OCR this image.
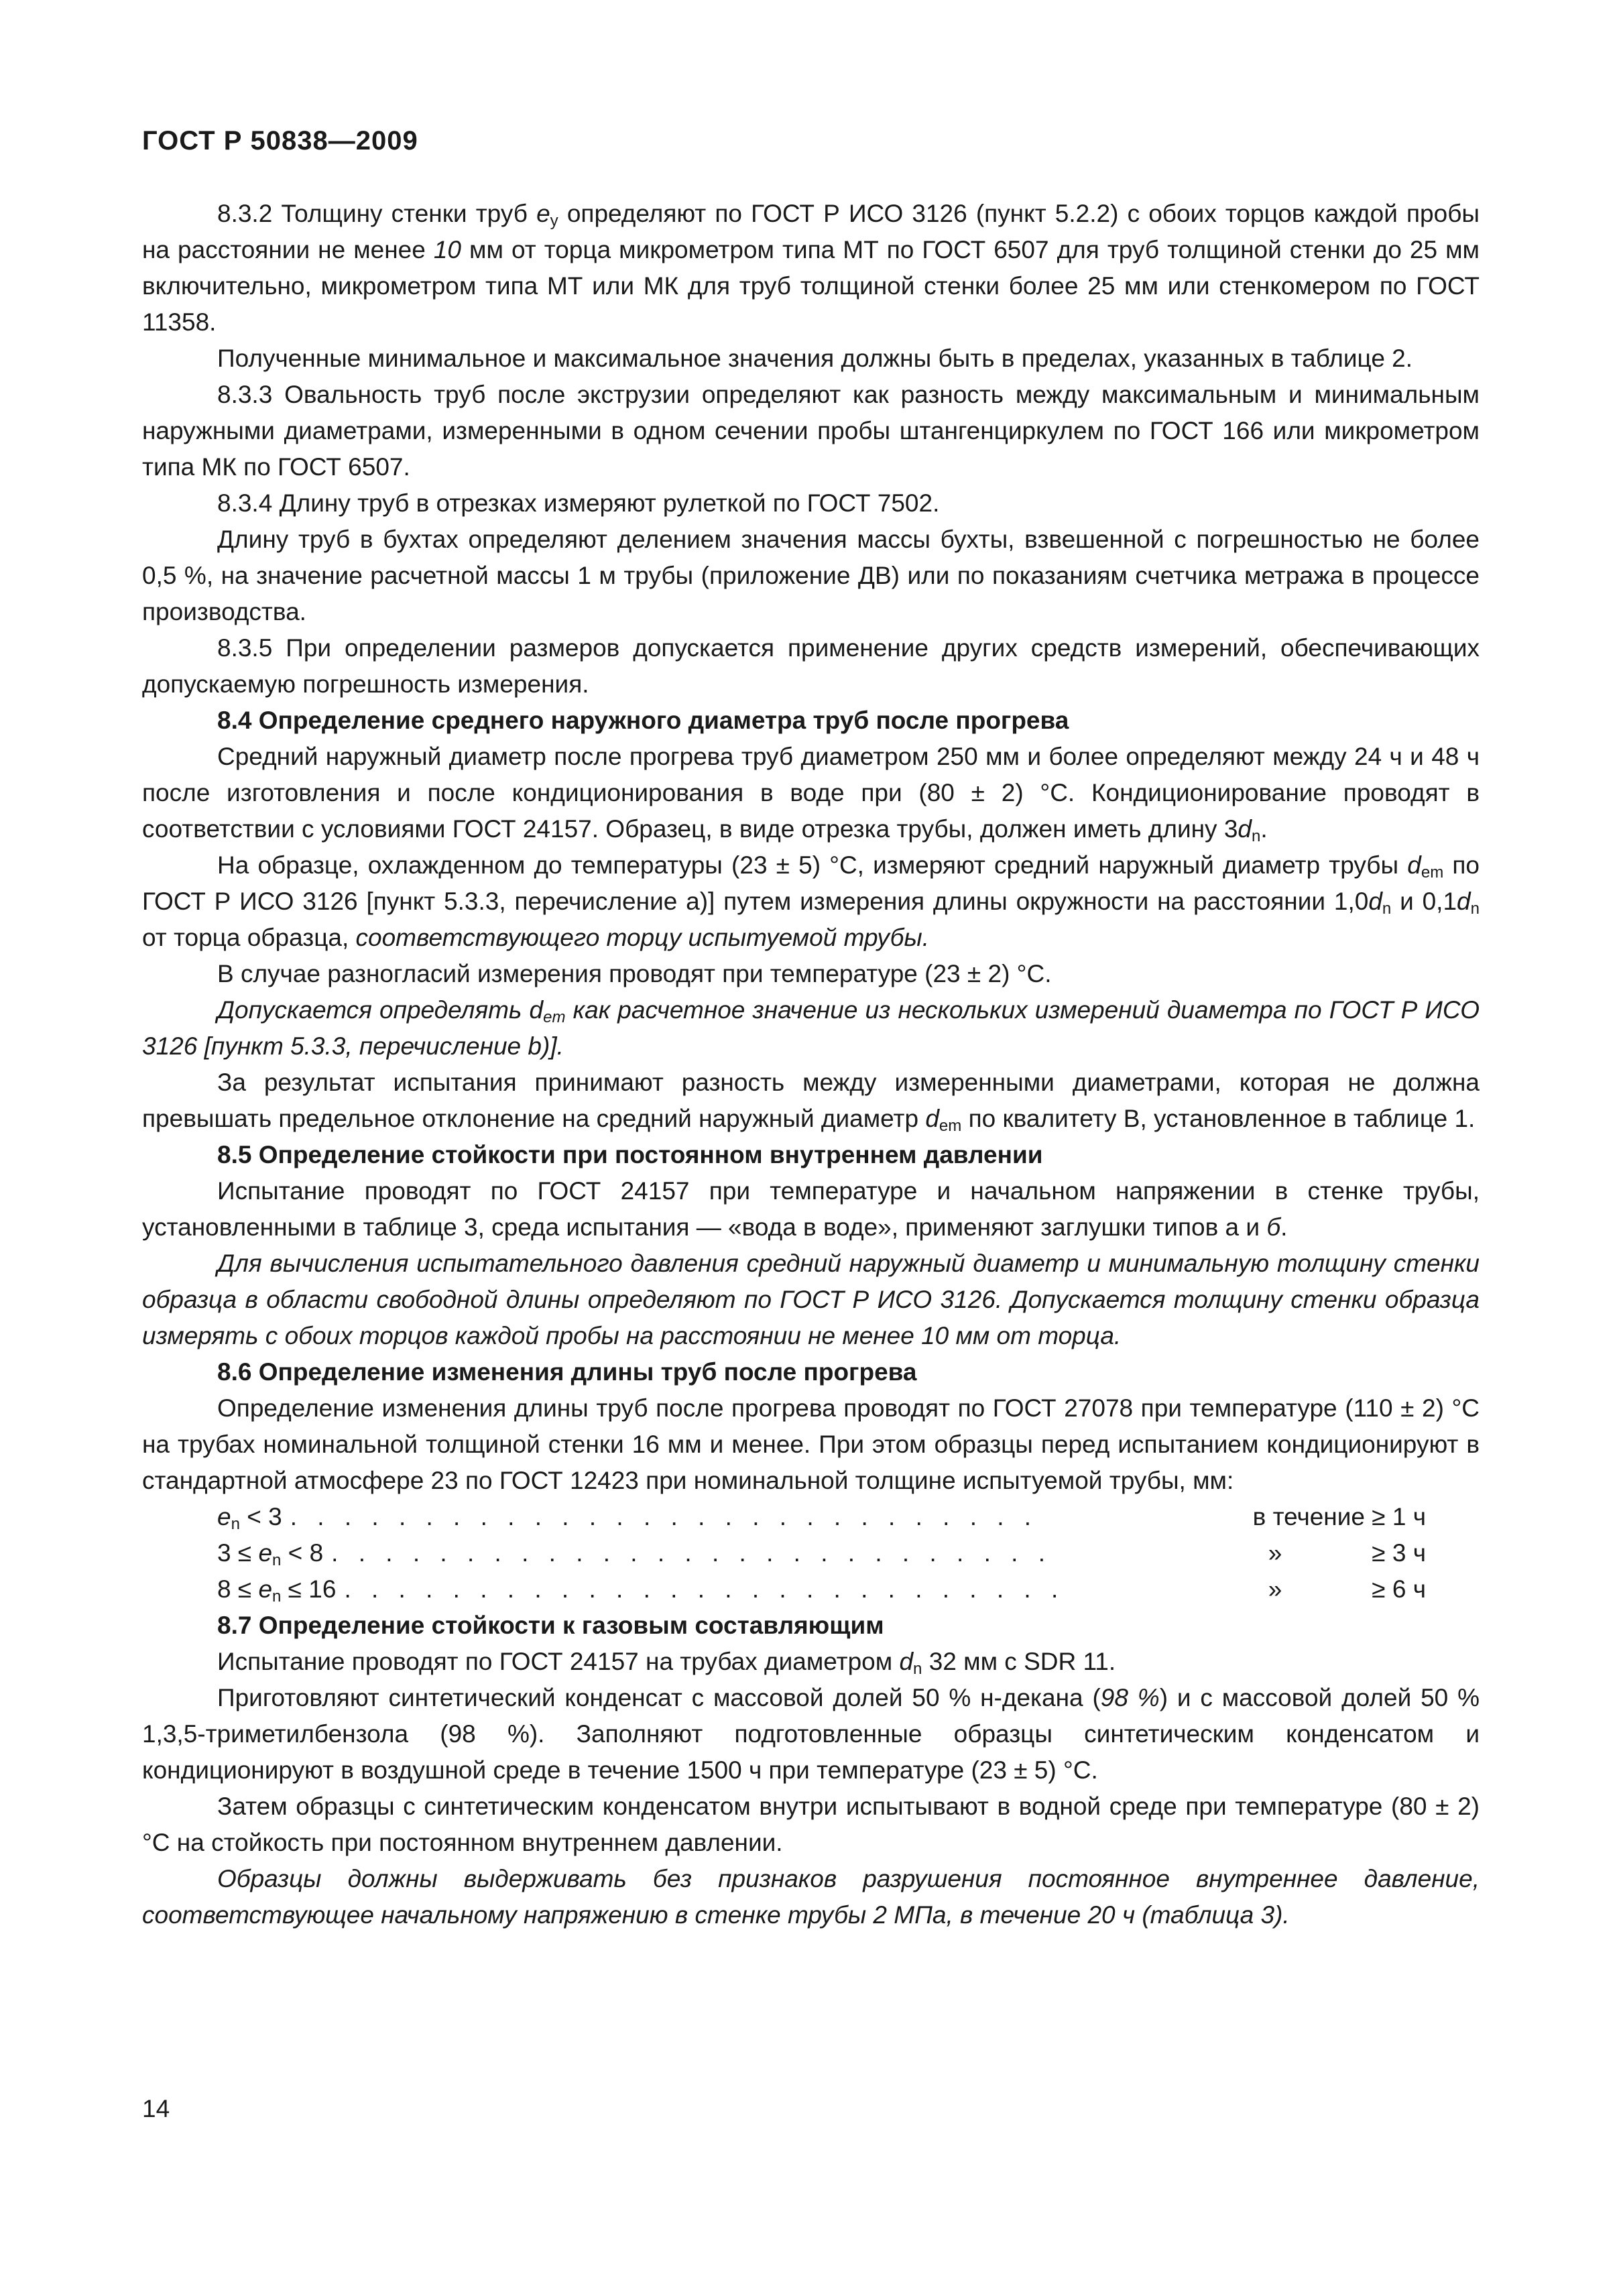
ГОСТ Р 50838—2009

8.3.2 Толщину стенки труб $e_y$ определяют по ГОСТ Р ИСО 3126 (пункт 5.2.2) с обоих торцов каждой пробы на расстоянии не менее 10 мм от торца микрометром типа МТ по ГОСТ 6507 для труб толщиной стенки до 25 мм включительно, микрометром типа МТ или МК для труб толщиной стенки более 25 мм или стенкомером по ГОСТ 11358.

Полученные минимальное и максимальное значения должны быть в пределах, указанных в таблице 2.

8.3.3 Овальность труб после экструзии определяют как разность между максимальным и минимальным наружными диаметрами, измеренными в одном сечении пробы штангенциркулем по ГОСТ 166 или микрометром типа МК по ГОСТ 6507.

8.3.4 Длину труб в отрезках измеряют рулеткой по ГОСТ 7502.

Длину труб в бухтах определяют делением значения массы бухты, взвешенной с погрешностью не более 0,5 %, на значение расчетной массы 1 м трубы (приложение ДВ) или по показаниям счетчика метража в процессе производства.

8.3.5 При определении размеров допускается применение других средств измерений, обеспечивающих допускаемую погрешность измерения.

8.4 Определение среднего наружного диаметра труб после прогрева

Средний наружный диаметр после прогрева труб диаметром 250 мм и более определяют между 24 ч и 48 ч после изготовления и после кондиционирования в воде при (80 ± 2) °С. Кондиционирование проводят в соответствии с условиями ГОСТ 24157. Образец, в виде отрезка трубы, должен иметь длину $3d_n$.

На образце, охлажденном до температуры (23 ± 5) °С, измеряют средний наружный диаметр трубы $d_{em}$ по ГОСТ Р ИСО 3126 [пункт 5.3.3, перечисление а)] путем измерения длины окружности на расстоянии $1,0d_n$ и $0,1d_n$ от торца образца, соответствующего торцу испытуемой трубы.

В случае разногласий измерения проводят при температуре (23 ± 2) °С.

Допускается определять $d_{em}$ как расчетное значение из нескольких измерений диаметра по ГОСТ Р ИСО 3126 [пункт 5.3.3, перечисление b)].

За результат испытания принимают разность между измеренными диаметрами, которая не должна превышать предельное отклонение на средний наружный диаметр $d_{em}$ по квалитету В, установленное в таблице 1.

8.5 Определение стойкости при постоянном внутреннем давлении

Испытание проводят по ГОСТ 24157 при температуре и начальном напряжении в стенке трубы, установленными в таблице 3, среда испытания — «вода в воде», применяют заглушки типов а и б.

Для вычисления испытательного давления средний наружный диаметр и минимальную толщину стенки образца в области свободной длины определяют по ГОСТ Р ИСО 3126. Допускается толщину стенки образца измерять с обоих торцов каждой пробы на расстоянии не менее 10 мм от торца.

8.6 Определение изменения длины труб после прогрева

Определение изменения длины труб после прогрева проводят по ГОСТ 27078 при температуре (110 ± 2) °С на трубах номинальной толщиной стенки 16 мм и менее. При этом образцы перед испытанием кондиционируют в стандартной атмосфере 23 по ГОСТ 12423 при номинальной толщине испытуемой трубы, мм:

$e_n < 3$ . . . . . . . . . . . . . . . . . . . . . . . . . . . .	в течение ≥ 1 ч
$3 \le e_n < 8$ . . . . . . . . . . . . . . . . . . . . . . . . . . .	»	≥ 3 ч
$8 \le e_n \le 16$ . . . . . . . . . . . . . . . . . . . . . . . . . . .	»	≥ 6 ч

8.7 Определение стойкости к газовым составляющим

Испытание проводят по ГОСТ 24157 на трубах диаметром $d_n$ 32 мм с SDR 11.

Приготовляют синтетический конденсат с массовой долей 50 % н-декана (98 %) и с массовой долей 50 % 1,3,5-триметилбензола (98 %). Заполняют подготовленные образцы синтетическим конденсатом и кондиционируют в воздушной среде в течение 1500 ч при температуре (23 ± 5) °С.

Затем образцы с синтетическим конденсатом внутри испытывают в водной среде при температуре (80 ± 2) °С на стойкость при постоянном внутреннем давлении.

Образцы должны выдерживать без признаков разрушения постоянное внутреннее давление, соответствующее начальному напряжению в стенке трубы 2 МПа, в течение 20 ч (таблица 3).

14
